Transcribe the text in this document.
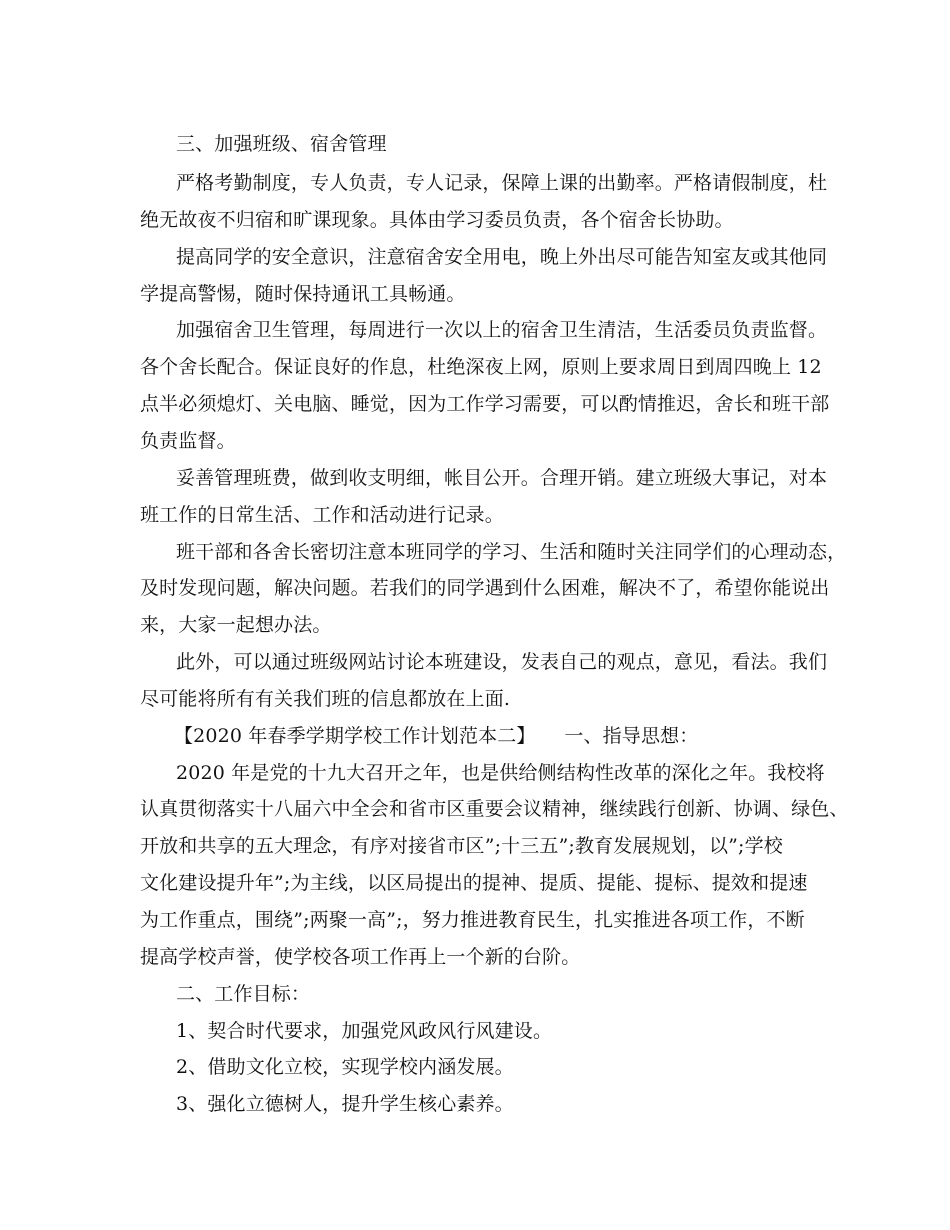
三、加强班级、宿舍管理
严格考勤制度，专人负责，专人记录，保障上课的出勤率。严格请假制度，杜
绝无故夜不归宿和旷课现象。具体由学习委员负责，各个宿舍长协助。
提高同学的安全意识，注意宿舍安全用电，晚上外出尽可能告知室友或其他同
学提高警惕，随时保持通讯工具畅通。
加强宿舍卫生管理，每周进行一次以上的宿舍卫生清洁，生活委员负责监督。
各个舍长配合。保证良好的作息，杜绝深夜上网，原则上要求周日到周四晚上 12
点半必须熄灯、关电脑、睡觉，因为工作学习需要，可以酌情推迟，舍长和班干部
负责监督。
妥善管理班费，做到收支明细，帐目公开。合理开销。建立班级大事记，对本
班工作的日常生活、工作和活动进行记录。
班干部和各舍长密切注意本班同学的学习、生活和随时关注同学们的心理动态，
及时发现问题，解决问题。若我们的同学遇到什么困难，解决不了，希望你能说出
来，大家一起想办法。
此外，可以通过班级网站讨论本班建设，发表自己的观点，意见，看法。我们
尽可能将所有有关我们班的信息都放在上面.
【2020 年春季学期学校工作计划范本二】　　一、指导思想：
2020 年是党的十九大召开之年，也是供给侧结构性改革的深化之年。我校将
认真贯彻落实十八届六中全会和省市区重要会议精神，继续践行创新、协调、绿色、
开放和共享的五大理念，有序对接省市区”;十三五”;教育发展规划，以”;学校
文化建设提升年”;为主线，以区局提出的提神、提质、提能、提标、提效和提速
为工作重点，围绕”;两聚一高”;，努力推进教育民生，扎实推进各项工作，不断
提高学校声誉，使学校各项工作再上一个新的台阶。
二、工作目标：
1、契合时代要求，加强党风政风行风建设。
2、借助文化立校，实现学校内涵发展。
3、强化立德树人，提升学生核心素养。
